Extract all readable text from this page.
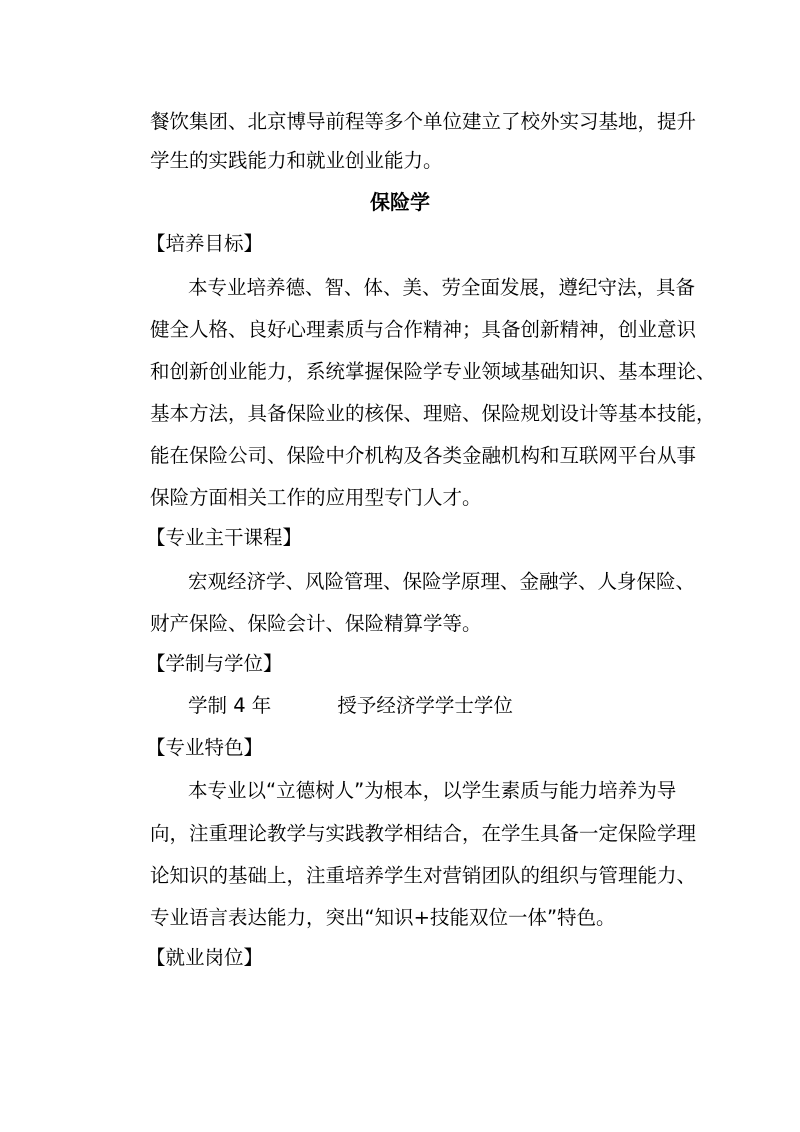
餐饮集团、北京博导前程等多个单位建立了校外实习基地，提升
学生的实践能力和就业创业能力。
保险学
【培养目标】
本专业培养德、智、体、美、劳全面发展，遵纪守法，具备
健全人格、良好心理素质与合作精神；具备创新精神，创业意识
和创新创业能力，系统掌握保险学专业领域基础知识、基本理论、
基本方法，具备保险业的核保、理赔、保险规划设计等基本技能，
能在保险公司、保险中介机构及各类金融机构和互联网平台从事
保险方面相关工作的应用型专门人才。
【专业主干课程】
宏观经济学、风险管理、保险学原理、金融学、人身保险、
财产保险、保险会计、保险精算学等。
【学制与学位】
学制 4 年	授予经济学学士学位
【专业特色】
本专业以“立德树人”为根本，以学生素质与能力培养为导
向，注重理论教学与实践教学相结合，在学生具备一定保险学理
论知识的基础上，注重培养学生对营销团队的组织与管理能力、
专业语言表达能力，突出“知识+技能双位一体”特色。
【就业岗位】
